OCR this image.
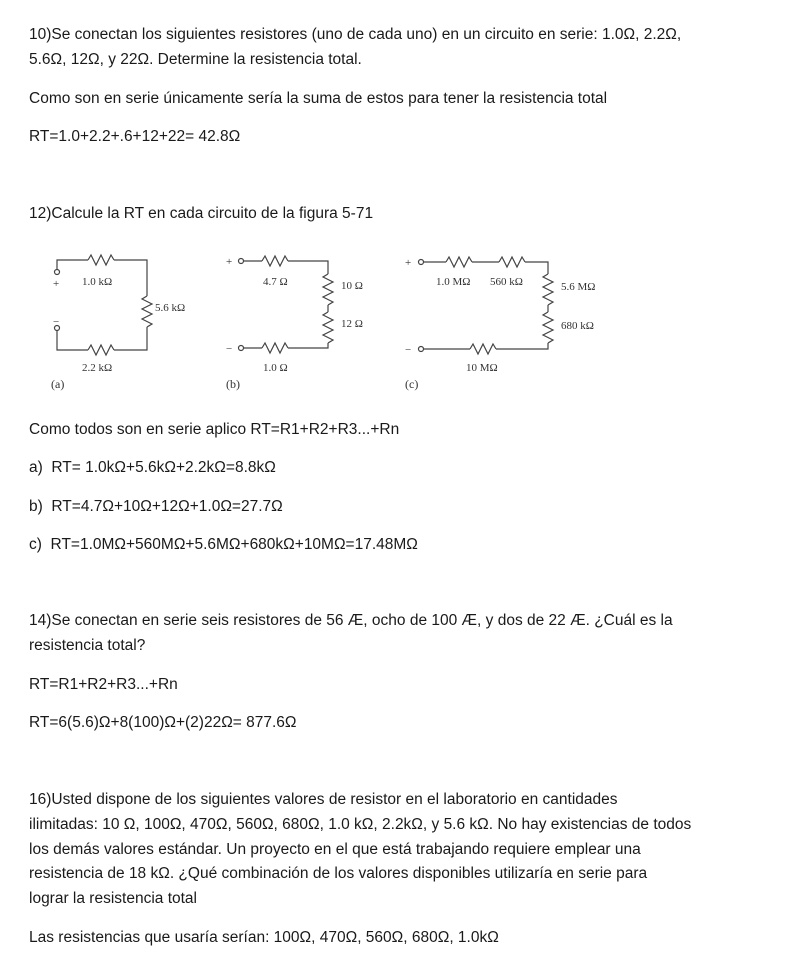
10)Se conectan los siguientes resistores (uno de cada uno) en un circuito en serie: 1.0Ω, 2.2Ω,

5.6Ω, 12Ω, y 22Ω. Determine la resistencia total.

Como son en serie únicamente sería la suma de estos para tener la resistencia total

RT=1.0+2.2+.6+12+22= 42.8Ω

12)Calcule la RT en cada circuito de la figura 5-71

+
−
1.0 kΩ
5.6 kΩ
2.2 kΩ
(a)
+
−
4.7 Ω	10 Ω
12 Ω
1.0 Ω
(b)
+
−
1.0 MΩ 560 kΩ	5.6 MΩ
680 kΩ
10 MΩ
(c)

Como todos son en serie aplico RT=R1+R2+R3...+Rn

a)  RT= 1.0kΩ+5.6kΩ+2.2kΩ=8.8kΩ

b)  RT=4.7Ω+10Ω+12Ω+1.0Ω=27.7Ω

c)  RT=1.0MΩ+560MΩ+5.6MΩ+680kΩ+10MΩ=17.48MΩ

14)Se conectan en serie seis resistores de 56 Æ, ocho de 100 Æ, y dos de 22 Æ. ¿Cuál es la

resistencia total?

RT=R1+R2+R3...+Rn

RT=6(5.6)Ω+8(100)Ω+(2)22Ω= 877.6Ω

16)Usted dispone de los siguientes valores de resistor en el laboratorio en cantidades

ilimitadas: 10 Ω, 100Ω, 470Ω, 560Ω, 680Ω, 1.0 kΩ, 2.2kΩ, y 5.6 kΩ. No hay existencias de todos

los demás valores estándar. Un proyecto en el que está trabajando requiere emplear una

resistencia de 18 kΩ. ¿Qué combinación de los valores disponibles utilizaría en serie para

lograr la resistencia total

Las resistencias que usaría serían: 100Ω, 470Ω, 560Ω, 680Ω, 1.0kΩ
